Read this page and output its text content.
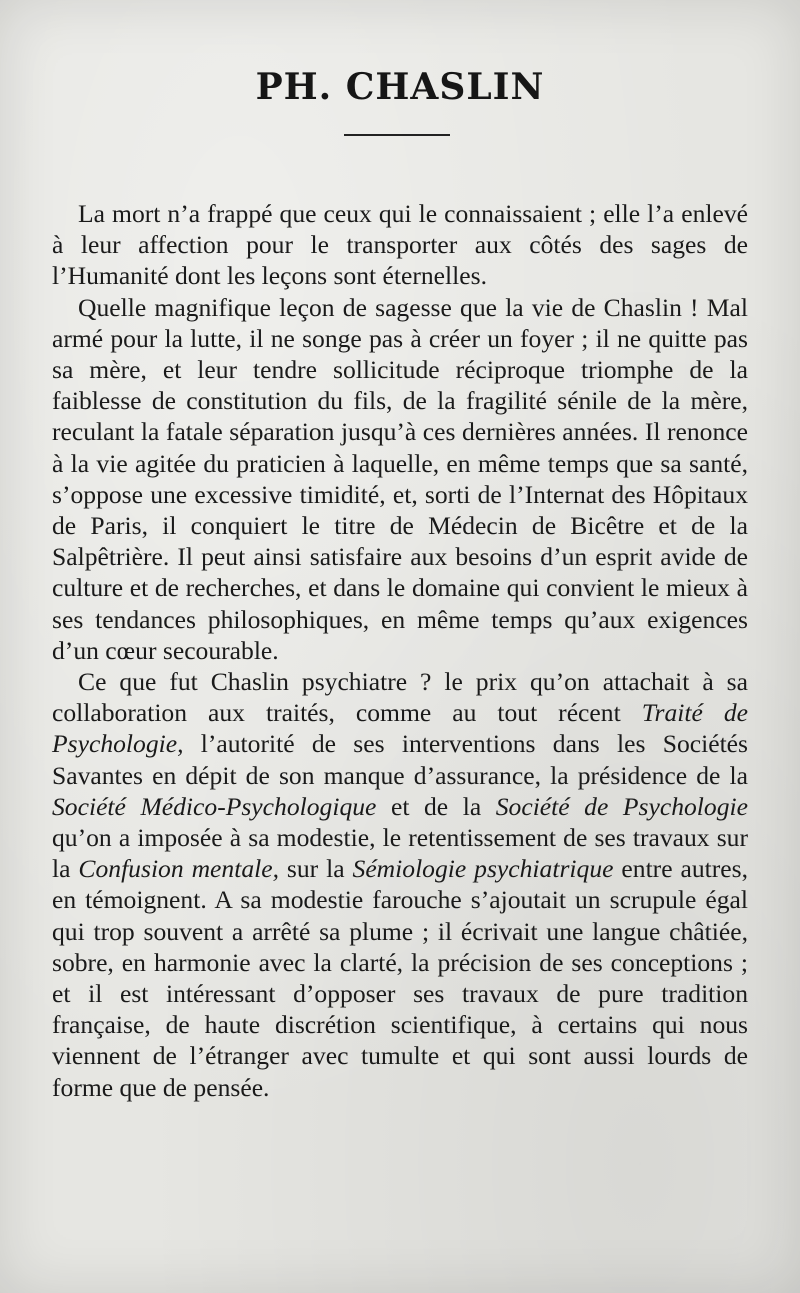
PH. CHASLIN

La mort n’a frappé que ceux qui le connaissaient ; elle l’a enlevé à leur affection pour le transporter aux côtés des sages de l’Humanité dont les leçons sont éternelles.

Quelle magnifique leçon de sagesse que la vie de Chaslin ! Mal armé pour la lutte, il ne songe pas à créer un foyer ; il ne quitte pas sa mère, et leur tendre sollicitude réciproque triomphe de la faiblesse de constitution du fils, de la fragilité sénile de la mère, reculant la fatale séparation jusqu’à ces dernières années. Il renonce à la vie agitée du praticien à laquelle, en même temps que sa santé, s’oppose une excessive timidité, et, sorti de l’Internat des Hôpitaux de Paris, il conquiert le titre de Médecin de Bicêtre et de la Salpêtrière. Il peut ainsi satisfaire aux besoins d’un esprit avide de culture et de recherches, et dans le domaine qui convient le mieux à ses tendances philosophiques, en même temps qu’aux exigences d’un cœur secourable.

Ce que fut Chaslin psychiatre ? le prix qu’on attachait à sa collaboration aux traités, comme au tout récent Traité de Psychologie, l’autorité de ses interventions dans les Sociétés Savantes en dépit de son manque d’assurance, la présidence de la Société Médico-Psychologique et de la Société de Psychologie qu’on a imposée à sa modestie, le retentissement de ses travaux sur la Confusion mentale, sur la Sémiologie psychiatrique entre autres, en témoignent. A sa modestie farouche s’ajoutait un scrupule égal qui trop souvent a arrêté sa plume ; il écrivait une langue châtiée, sobre, en harmonie avec la clarté, la précision de ses conceptions ; et il est intéressant d’opposer ses travaux de pure tradition française, de haute discrétion scientifique, à certains qui nous viennent de l’étranger avec tumulte et qui sont aussi lourds de forme que de pensée.
